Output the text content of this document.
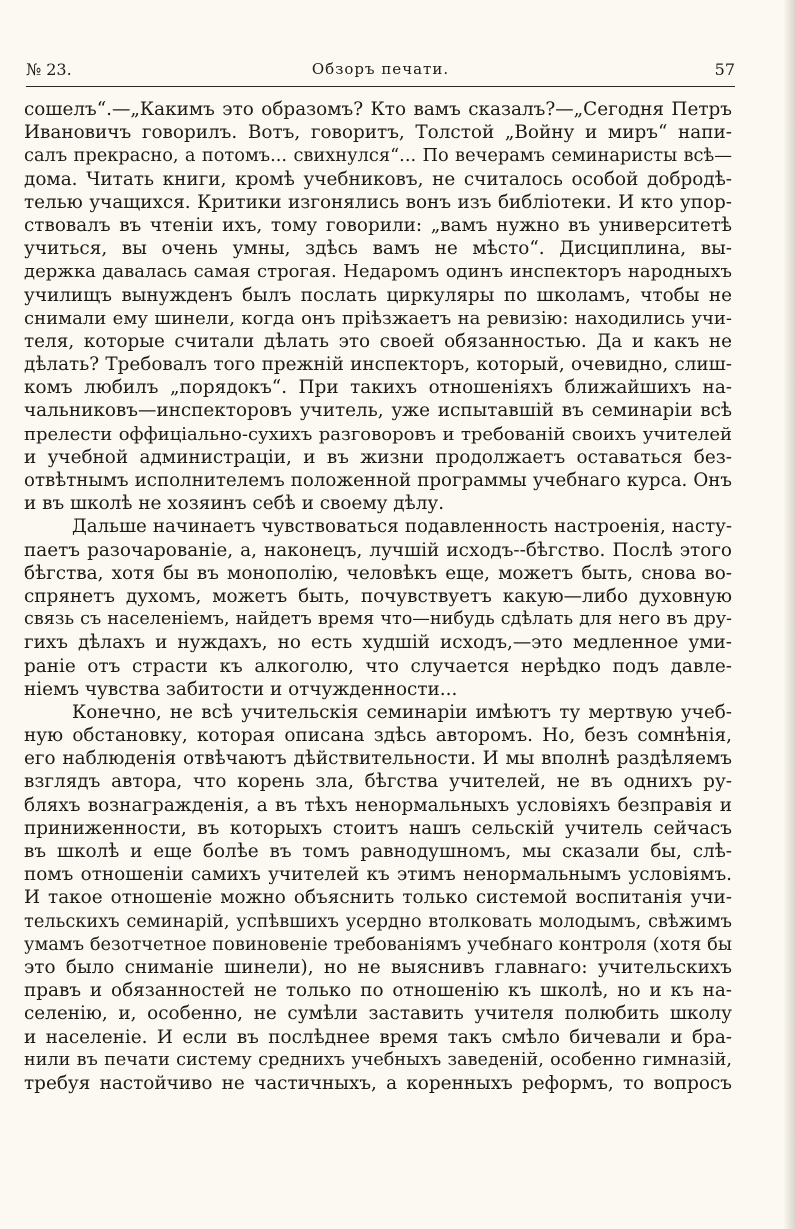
№ 23.	Обзоръ печати.	57
сошелъ“.—„Какимъ это образомъ? Кто вамъ сказалъ?—„Сегодня Петръ
Ивановичъ говорилъ. Вотъ, говоритъ, Толстой „Войну и миръ“ напи-
салъ прекрасно, а потомъ... свихнулся“... По вечерамъ семинаристы всѣ—
дома. Читать книги, кромѣ учебниковъ, не считалось особой добродѣ-
телью учащихся. Критики изгонялись вонъ изъ библіотеки. И кто упор-
ствовалъ въ чтеніи ихъ, тому говорили: „вамъ нужно въ университетѣ
учиться, вы очень умны, здѣсь вамъ не мѣсто“. Дисциплина, вы-
держка давалась самая строгая. Недаромъ одинъ инспекторъ народныхъ
училищъ вынужденъ былъ послать циркуляры по школамъ, чтобы не
снимали ему шинели, когда онъ пріѣзжаетъ на ревизію: находились учи-
теля, которые считали дѣлать это своей обязанностью. Да и какъ не
дѣлать? Требовалъ того прежній инспекторъ, который, очевидно, слиш-
комъ любилъ „порядокъ“. При такихъ отношеніяхъ ближайшихъ на-
чальниковъ—инспекторовъ учитель, уже испытавшій въ семинаріи всѣ
прелести оффиціально-сухихъ разговоровъ и требованій своихъ учителей
и учебной администраціи, и въ жизни продолжаетъ оставаться без-
отвѣтнымъ исполнителемъ положенной программы учебнаго курса. Онъ
и въ школѣ не хозяинъ себѣ и своему дѣлу.
Дальше начинаетъ чувствоваться подавленность настроенія, насту-
паетъ разочарованіе, а, наконецъ, лучшій исходъ--бѣгство. Послѣ этого
бѣгства, хотя бы въ монополію, человѣкъ еще, можетъ быть, снова во-
спрянетъ духомъ, можетъ быть, почувствуетъ какую—либо духовную
связь съ населеніемъ, найдетъ время что—нибудь сдѣлать для него въ дру-
гихъ дѣлахъ и нуждахъ, но есть худшій исходъ,—это медленное уми-
раніе отъ страсти къ алкоголю, что случается нерѣдко подъ давле-
ніемъ чувства забитости и отчужденности...
Конечно, не всѣ учительскія семинаріи имѣютъ ту мертвую учеб-
ную обстановку, которая описана здѣсь авторомъ. Но, безъ сомнѣнія,
его наблюденія отвѣчаютъ дѣйствительности. И мы вполнѣ раздѣляемъ
взглядъ автора, что корень зла, бѣгства учителей, не въ однихъ ру-
бляхъ вознагражденія, а въ тѣхъ ненормальныхъ условіяхъ безправія и
приниженности, въ которыхъ стоитъ нашъ сельскій учитель сейчасъ
въ школѣ и еще болѣе въ томъ равнодушномъ, мы сказали бы, слѣ-
помъ отношеніи самихъ учителей къ этимъ ненормальнымъ условіямъ.
И такое отношеніе можно объяснить только системой воспитанія учи-
тельскихъ семинарій, успѣвшихъ усердно втолковать молодымъ, свѣжимъ
умамъ безотчетное повиновеніе требованіямъ учебнаго контроля (хотя бы
это было сниманіе шинели), но не выяснивъ главнаго: учительскихъ
правъ и обязанностей не только по отношенію къ школѣ, но и къ на-
селенію, и, особенно, не сумѣли заставить учителя полюбить школу
и населеніе. И если въ послѣднее время такъ смѣло бичевали и бра-
нили въ печати систему среднихъ учебныхъ заведеній, особенно гимназій,
требуя настойчиво не частичныхъ, а коренныхъ реформъ, то вопросъ
